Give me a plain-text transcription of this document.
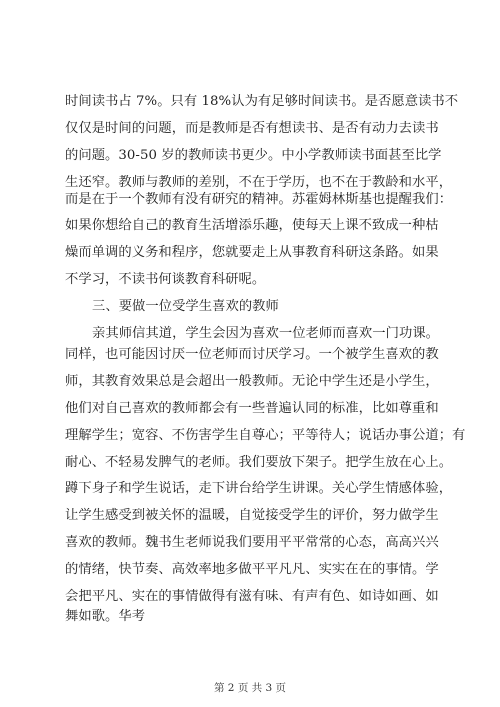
时间读书占 7%。只有 18%认为有足够时间读书。是否愿意读书不
仅仅是时间的问题，而是教师是否有想读书、是否有动力去读书
的问题。30-50 岁的教师读书更少。中小学教师读书面甚至比学
生还窄。教师与教师的差别，不在于学历，也不在于教龄和水平，
而是在于一个教师有没有研究的精神。苏霍姆林斯基也提醒我们：
如果你想给自己的教育生活增添乐趣，使每天上课不致成一种枯
燥而单调的义务和程序，您就要走上从事教育科研这条路。如果
不学习，不读书何谈教育科研呢。
三、要做一位受学生喜欢的教师
亲其师信其道，学生会因为喜欢一位老师而喜欢一门功课。
同样，也可能因讨厌一位老师而讨厌学习。一个被学生喜欢的教
师，其教育效果总是会超出一般教师。无论中学生还是小学生，
他们对自己喜欢的教师都会有一些普遍认同的标准，比如尊重和
理解学生；宽容、不伤害学生自尊心；平等待人；说话办事公道；有
耐心、不轻易发脾气的老师。我们要放下架子。把学生放在心上。
蹲下身子和学生说话，走下讲台给学生讲课。关心学生情感体验，
让学生感受到被关怀的温暖，自觉接受学生的评价，努力做学生
喜欢的教师。魏书生老师说我们要用平平常常的心态，高高兴兴
的情绪，快节奏、高效率地多做平平凡凡、实实在在的事情。学
会把平凡、实在的事情做得有滋有味、有声有色、如诗如画、如
舞如歌。华考
第 2 页 共 3 页
